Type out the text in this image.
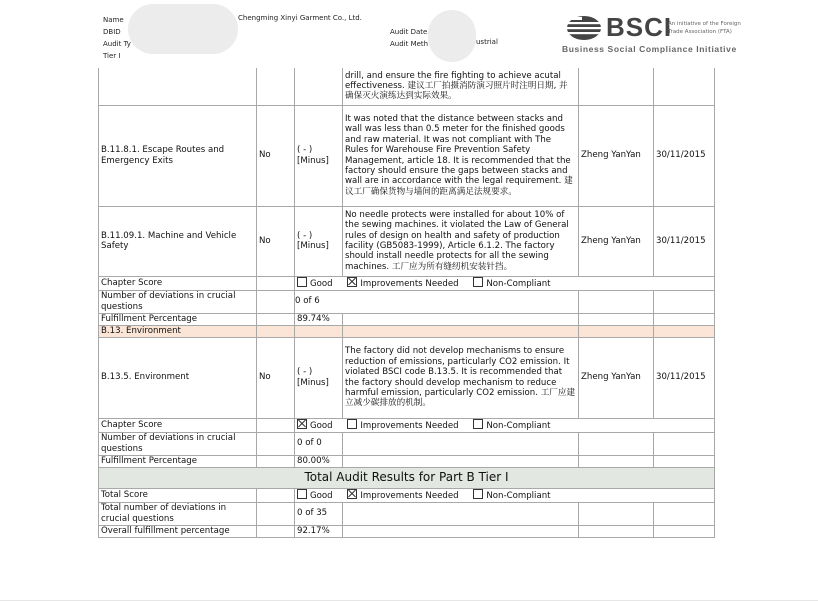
Name
DBID
Audit Ty
Tier I
Chengming Xinyi Garment Co., Ltd.
Audit Date
Audit Meth	ustrial	BSCI
An initiative of the Foreign
Trade Association (FTA)
Business Social Compliance Initiative
			drill, and ensure the fire fighting to achieve acutal effectiveness. 建议工厂拍摄消防演习照片时注明日期, 并确保灭火演练达到实际效果。		
B.11.8.1. Escape Routes and Emergency Exits	No	( - ) [Minus]	It was noted that the distance between stacks and wall was less than 0.5 meter for the finished goods and raw material. It was not compliant with The Rules for Warehouse Fire Prevention Safety Management, article 18. It is recommended that the factory should ensure the gaps between stacks and wall are in accordance with the legal requirement. 建议工厂确保货物与墙间的距离满足法规要求。	Zheng YanYan	30/11/2015
B.11.09.1. Machine and Vehicle Safety	No	( - ) [Minus]	No needle protects were installed for about 10% of the sewing machines. it violated the Law of General rules of design on health and safety of production facility (GB5083-1999), Article 6.1.2. The factory should install needle protects for all the sewing machines. 工厂应为所有缝纫机安装针挡。	Zheng YanYan	30/11/2015
Chapter Score		Good Improvements Needed Non-Compliant			
Number of deviations in crucial questions		0 of 6			
Fulfillment Percentage		89.74%			
B.13. Environment					
B.13.5. Environment	No	( - ) [Minus]	The factory did not develop mechanisms to ensure reduction of emissions, particularly CO2 emission. It violated BSCI code B.13.5. It is recommended that the factory should develop mechanism to reduce harmful emission, particularly CO2 emission. 工厂应建立减少碳排放的机制。	Zheng YanYan	30/11/2015
Chapter Score		Good Improvements Needed Non-Compliant			
Number of deviations in crucial questions		0 of 0			
Fulfillment Percentage		80.00%			
Total Audit Results for Part B Tier I					
Total Score		Good Improvements Needed Non-Compliant			
Total number of deviations in crucial questions		0 of 35			
Overall fulfillment percentage		92.17%			
